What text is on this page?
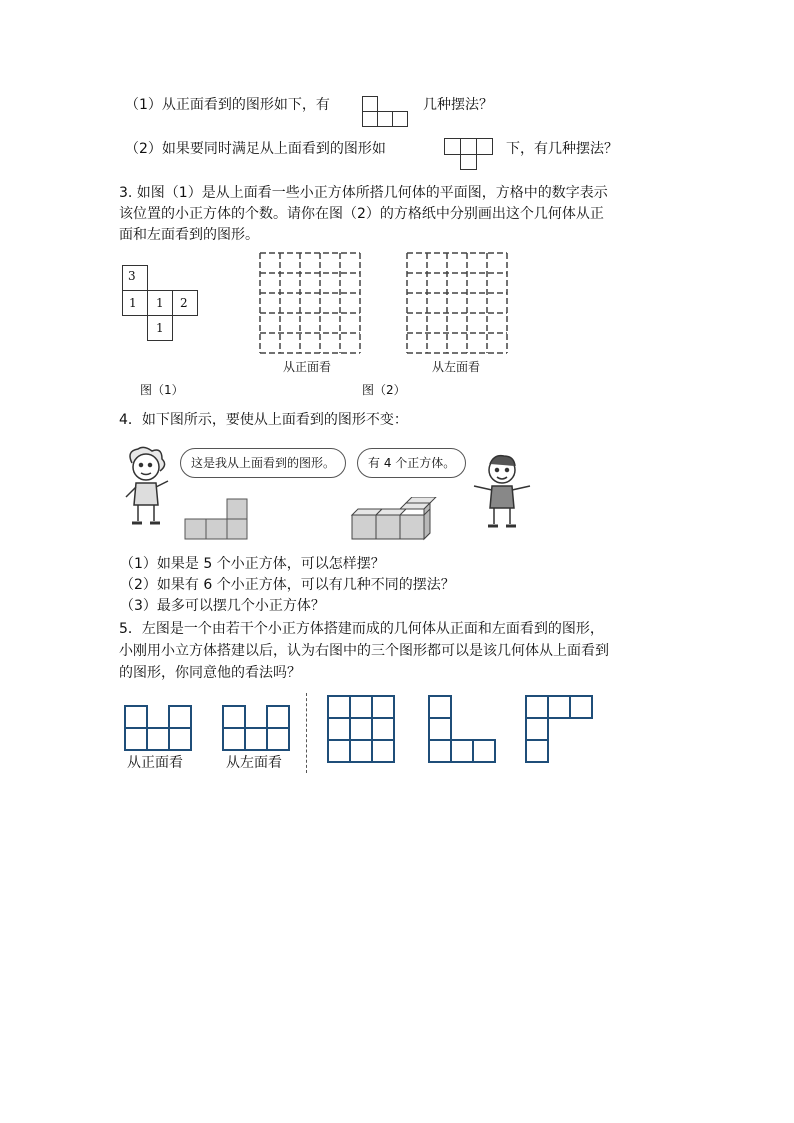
（1）从正面看到的图形如下，有	几种摆法？
（2）如果要同时满足从上面看到的图形如	下，有几种摆法？
3. 如图（1）是从上面看一些小正方体所搭几何体的平面图，方格中的数字表示
该位置的小正方体的个数。请你在图（2）的方格纸中分别画出这个几何体从正
面和左面看到的图形。
3
1 1 2
1
图（1）
从正面看	从左面看
图（2）
4．如下图所示，要使从上面看到的图形不变：
这是我从上面看到的图形。	有 4 个正方体。
（1）如果是 5 个小正方体，可以怎样摆？
（2）如果有 6 个小正方体，可以有几种不同的摆法？
（3）最多可以摆几个小正方体？
5．左图是一个由若干个小正方体搭建而成的几何体从正面和左面看到的图形，
小刚用小立方体搭建以后，认为右图中的三个图形都可以是该几何体从上面看到
的图形，你同意他的看法吗？
从正面看	从左面看
